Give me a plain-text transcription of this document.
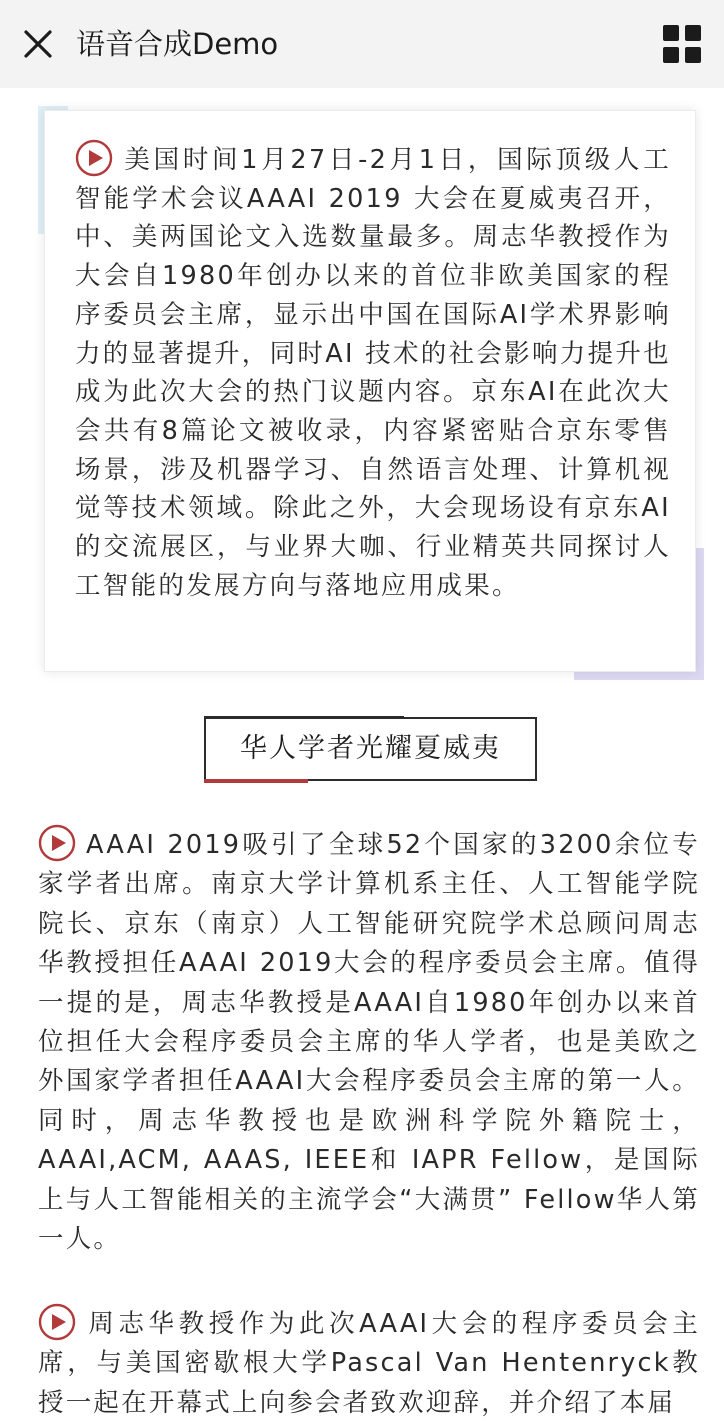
语音合成Demo
美国时间1月27日-2月1日，国际顶级人工智能学术会议AAAI 2019 大会在夏威夷召开，中、美两国论文入选数量最多。周志华教授作为大会自1980年创办以来的首位非欧美国家的程序委员会主席，显示出中国在国际AI学术界影响力的显著提升，同时AI 技术的社会影响力提升也成为此次大会的热门议题内容。京东AI在此次大会共有8篇论文被收录，内容紧密贴合京东零售场景，涉及机器学习、自然语言处理、计算机视觉等技术领域。除此之外，大会现场设有京东AI的交流展区，与业界大咖、行业精英共同探讨人工智能的发展方向与落地应用成果。
华人学者光耀夏威夷
AAAI 2019吸引了全球52个国家的3200余位专家学者出席。南京大学计算机系主任、人工智能学院院长、京东（南京）人工智能研究院学术总顾问周志华教授担任AAAI 2019大会的程序委员会主席。值得一提的是，周志华教授是AAAI自1980年创办以来首位担任大会程序委员会主席的华人学者，也是美欧之外国家学者担任AAAI大会程序委员会主席的第一人。同时，周志华教授也是欧洲科学院外籍院士，AAAI,ACM, AAAS, IEEE和 IAPR Fellow，是国际上与人工智能相关的主流学会“大满贯” Fellow华人第一人。
周志华教授作为此次AAAI大会的程序委员会主席，与美国密歇根大学Pascal Van Hentenryck教授一起在开幕式上向参会者致欢迎辞，并介绍了本届
